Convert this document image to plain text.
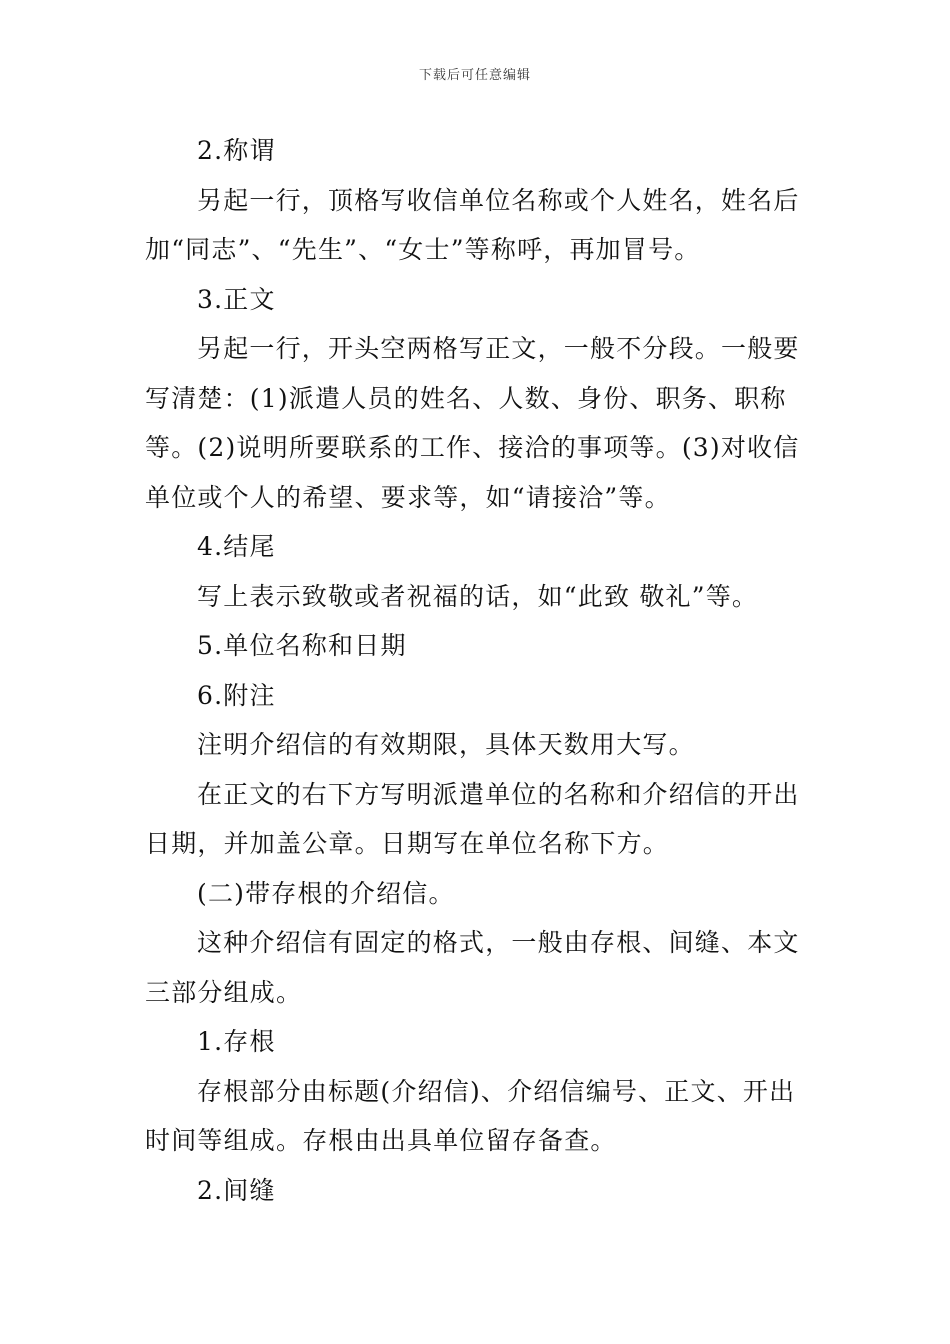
下载后可任意编辑

2.称谓

另起一行，顶格写收信单位名称或个人姓名，姓名后加“同志”、“先生”、“女士”等称呼，再加冒号。

3.正文

另起一行，开头空两格写正文，一般不分段。一般要写清楚：(1)派遣人员的姓名、人数、身份、职务、职称等。(2)说明所要联系的工作、接洽的事项等。(3)对收信单位或个人的希望、要求等，如“请接洽”等。

4.结尾

写上表示致敬或者祝福的话，如“此致 敬礼”等。

5.单位名称和日期

6.附注

注明介绍信的有效期限，具体天数用大写。

在正文的右下方写明派遣单位的名称和介绍信的开出日期，并加盖公章。日期写在单位名称下方。

(二)带存根的介绍信。

这种介绍信有固定的格式，一般由存根、间缝、本文三部分组成。

1.存根

存根部分由标题(介绍信)、介绍信编号、正文、开出时间等组成。存根由出具单位留存备查。

2.间缝
